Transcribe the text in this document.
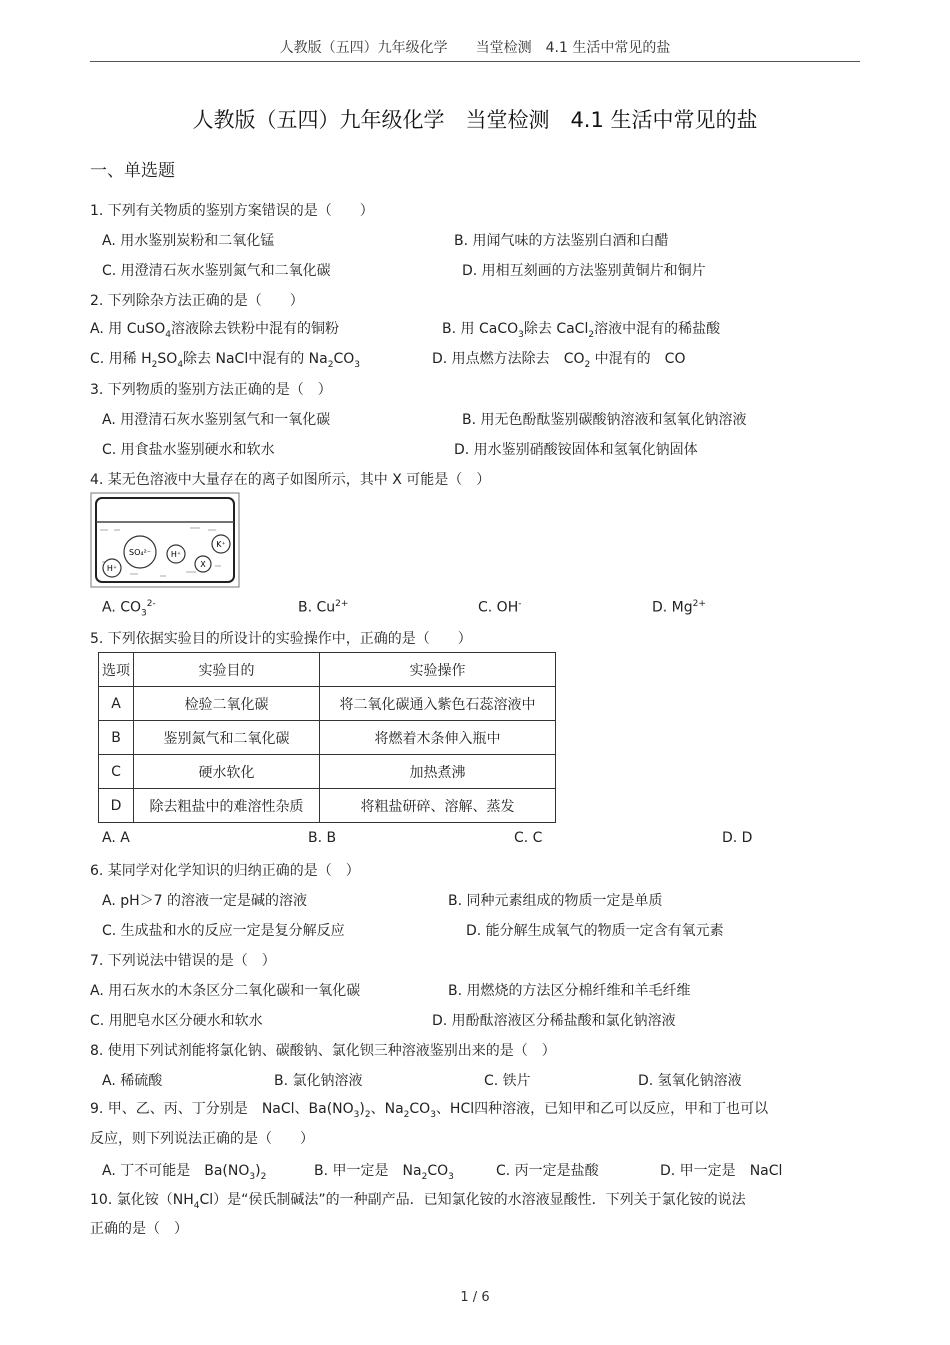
人教版（五四）九年级化学　　当堂检测　4.1 生活中常见的盐
人教版（五四）九年级化学　当堂检测　4.1 生活中常见的盐
一、单选题
1. 下列有关物质的鉴别方案错误的是（　　）
A. 用水鉴别炭粉和二氧化锰	B. 用闻气味的方法鉴别白酒和白醋
C. 用澄清石灰水鉴别氮气和二氧化碳	D. 用相互刻画的方法鉴别黄铜片和铜片
2. 下列除杂方法正确的是（　　）
A. 用 CuSO$_4$溶液除去铁粉中混有的铜粉	B. 用 CaCO$_3$除去 CaCl$_2$溶液中混有的稀盐酸
C. 用稀 $H_2SO_4$除去 NaCl中混有的 $Na_2CO_3$	D. 用点燃方法除去　 $CO_2$ 中混有的　 CO
3. 下列物质的鉴别方法正确的是（　）
A. 用澄清石灰水鉴别氢气和一氧化碳	B. 用无色酚酞鉴别碳酸钠溶液和氢氧化钠溶液
C. 用食盐水鉴别硬水和软水	D. 用水鉴别硝酸铵固体和氢氧化钠固体
4. 某无色溶液中大量存在的离子如图所示，其中 X 可能是（　）
SO₄²⁻ H⁺
K⁺
X
H⁺
A. $CO_3^{2-}$	B. $Cu^{2+}$	C. OH-	D. $Mg^{2+}$
5. 下列依据实验目的所设计的实验操作中，正确的是（　　）
选项	实验目的	实验操作
A	检验二氧化碳	将二氧化碳通入紫色石蕊溶液中
B	鉴别氮气和二氧化碳	将燃着木条伸入瓶中
C	硬水软化	加热煮沸
D	除去粗盐中的难溶性杂质	将粗盐研碎、溶解、蒸发
A. A	B. B	C. C	D. D
6. 某同学对化学知识的归纳正确的是（　）
A. pH＞7 的溶液一定是碱的溶液	B. 同种元素组成的物质一定是单质
C. 生成盐和水的反应一定是复分解反应	D. 能分解生成氧气的物质一定含有氧元素
7. 下列说法中错误的是（　）
A. 用石灰水的木条区分二氧化碳和一氧化碳	B. 用燃烧的方法区分棉纤维和羊毛纤维
C. 用肥皂水区分硬水和软水	D. 用酚酞溶液区分稀盐酸和氯化钠溶液
8. 使用下列试剂能将氯化钠、碳酸钠、氯化钡三种溶液鉴别出来的是（　）
A. 稀硫酸	B. 氯化钠溶液	C. 铁片	D. 氢氧化钠溶液
9. 甲、乙、丙、丁分别是　 NaCl、$Ba(NO_3)_2$、$Na_2CO_3$、HCl四种溶液，已知甲和乙可以反应，甲和丁也可以
反应，则下列说法正确的是（　　）
A. 丁不可能是　 $Ba(NO_3)_2$	B. 甲一定是　 $Na_2CO_3$	C. 丙一定是盐酸	D. 甲一定是　 NaCl
10. 氯化铵$(NH_4Cl)$是“侯氏制碱法”的一种副产品．已知氯化铵的水溶液显酸性．下列关于氯化铵的说法
正确的是（　）
1 / 6
